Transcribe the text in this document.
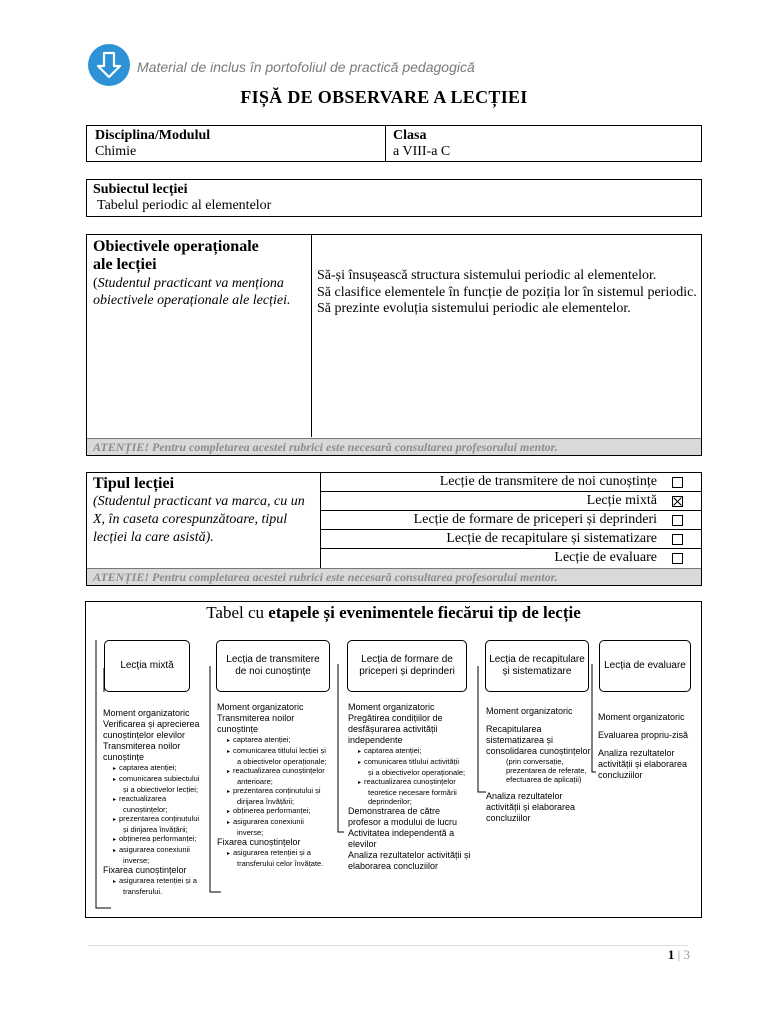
Material de inclus în portofoliul de practică pedagogică
FIȘĂ DE OBSERVARE A LECȚIEI
Disciplina/Modulul
Chimie
Clasa
a VIII-a C
Subiectul lecției
Tabelul periodic al elementelor
Obiectivele operaționale
ale lecției
(Studentul practicant va menționa obiectivele operaționale ale lecției.
Să-și însușească structura sistemului periodic al elementelor.
Să clasifice elementele în funcție de poziția lor în sistemul periodic.
Să prezinte evoluția sistemului periodic ale elementelor.
ATENȚIE! Pentru completarea acestei rubrici este necesară consultarea profesorului mentor.
Tipul lecției
(Studentul practicant va marca, cu un X, în caseta corespunzătoare, tipul lecției la care asistă).
Lecție de transmitere de noi cunoștințe
Lecție mixtă
Lecție de formare de priceperi și deprinderi
Lecție de recapitulare și sistematizare
Lecție de evaluare
ATENȚIE! Pentru completarea acestei rubrici este necesară consultarea profesorului mentor.
Tabel cu etapele și evenimentele fiecărui tip de lecție
Lecția mixtă
Lecția de transmitere de noi cunoștințe
Lecția de formare de priceperi și deprinderi
Lecția de recapitulare și sistematizare
Lecția de evaluare
Moment organizatoric
Verificarea și aprecierea
cunoștințelor elevilor
Transmiterea noilor
cunoștințe
▸ captarea atenției;
▸ comunicarea subiectului
și a obiectivelor lecției;
▸ reactualizarea
cunoștințelor;
▸ prezentarea conținutului
și dirijarea învățării;
▸ obținerea performanței;
▸ asigurarea conexiunii
inverse;
Fixarea cunoștințelor
▸ asigurarea retenției și a
transferului.
Moment organizatoric
Transmiterea noilor
cunoștințe
▸ captarea atenției;
▸ comunicarea titlului lecției și
a obiectivelor operaționale;
▸ reactualizarea cunoștințelor
anterioare;
▸ prezentarea conținutului și
dirijarea învățării;
▸ obținerea performanței;
▸ asigurarea conexiunii
inverse;
Fixarea cunoștințelor
▸ asigurarea retenției și a
transferului celor învățate.
Moment organizatoric
Pregătirea condițiilor de
desfășurarea activității
independente
▸ captarea atenției;
▸ comunicarea titlului activității
și a obiectivelor operaționale;
▸ reactualizarea cunoștințelor
teoretice necesare formării
deprinderilor;
Demonstrarea de către
profesor a modului de lucru
Activitatea independentă a
elevilor
Analiza rezultatelor activității și
elaborarea concluziilor
Moment organizatoric
Recapitularea
sistematizarea și
consolidarea cunoștințelor
(prin conversație,
prezentarea de referate,
efectuarea de aplicații)
Analiza rezultatelor
activității și elaborarea
concluziilor
Moment organizatoric
Evaluarea propriu-zisă
Analiza rezultatelor
activității și elaborarea
concluziilor
1 | 3
